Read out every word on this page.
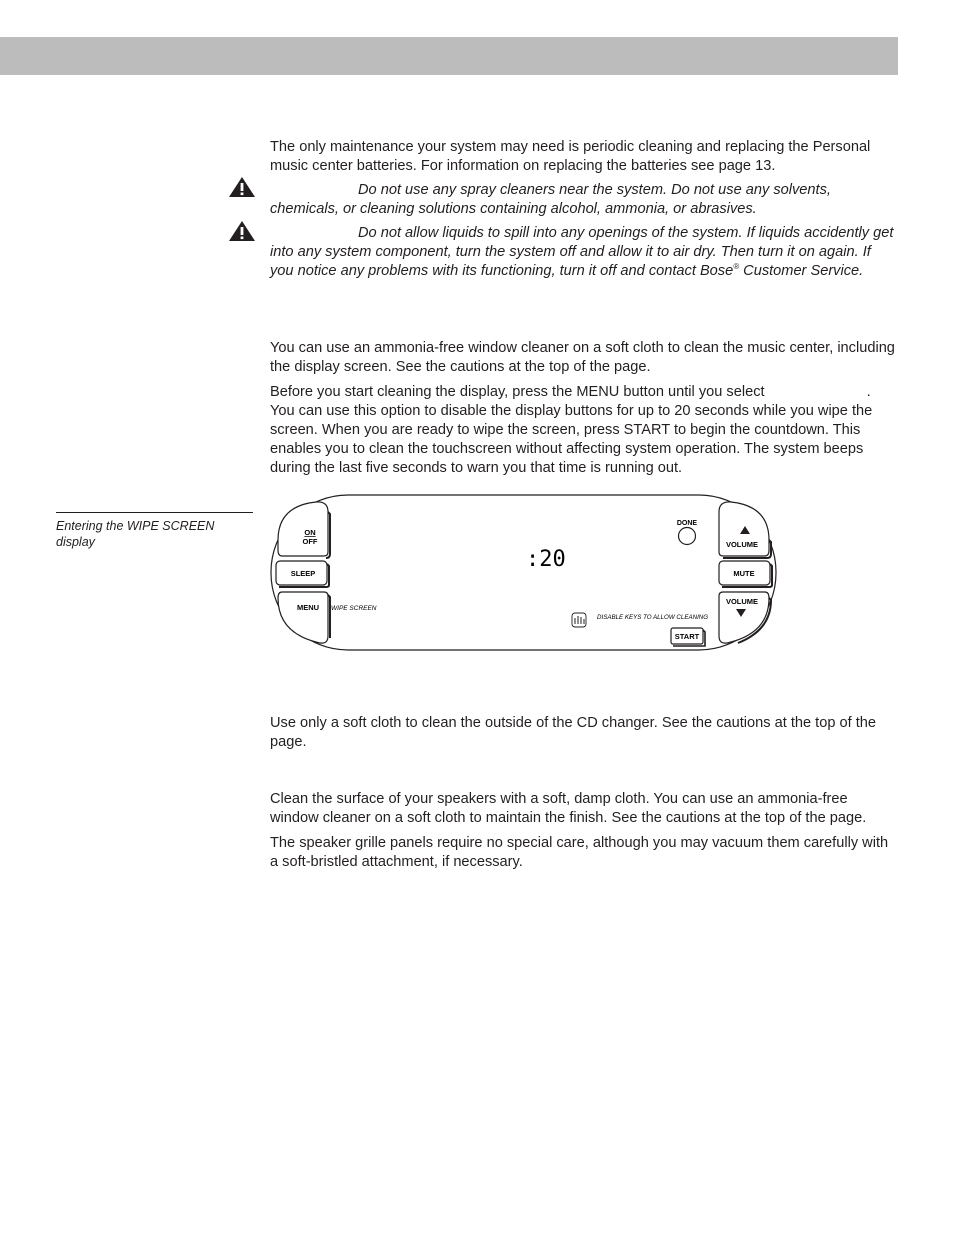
The only maintenance your system may need is periodic cleaning and replacing the Personal music center batteries. For information on replacing the batteries see page 13.

Do not use any spray cleaners near the system. Do not use any solvents, chemicals, or cleaning solutions containing alcohol, ammonia, or abrasives.

Do not allow liquids to spill into any openings of the system. If liquids accidently get into any system component, turn the system off and allow it to air dry. Then turn it on again. If you notice any problems with its functioning, turn it off and contact Bose® Customer Service.

You can use an ammonia-free window cleaner on a soft cloth to clean the music center, including the display screen. See the cautions at the top of the page.

Before you start cleaning the display, press the MENU button until you select	. You can use this option to disable the display buttons for up to 20 seconds while you wipe the screen. When you are ready to wipe the screen, press START to begin the countdown. This enables you to clean the touchscreen without affecting system operation. The system beeps during the last five seconds to warn you that time is running out.

Entering the WIPE SCREEN display
ON
OFF
SLEEP
MENU WIPE SCREEN
:20
DONE
VOLUME
MUTE
VOLUME
DISABLE KEYS TO ALLOW CLEANING
START

Use only a soft cloth to clean the outside of the CD changer. See the cautions at the top of the page.

Clean the surface of your speakers with a soft, damp cloth. You can use an ammonia-free window cleaner on a soft cloth to maintain the finish. See the cautions at the top of the page.

The speaker grille panels require no special care, although you may vacuum them carefully with a soft-bristled attachment, if necessary.
